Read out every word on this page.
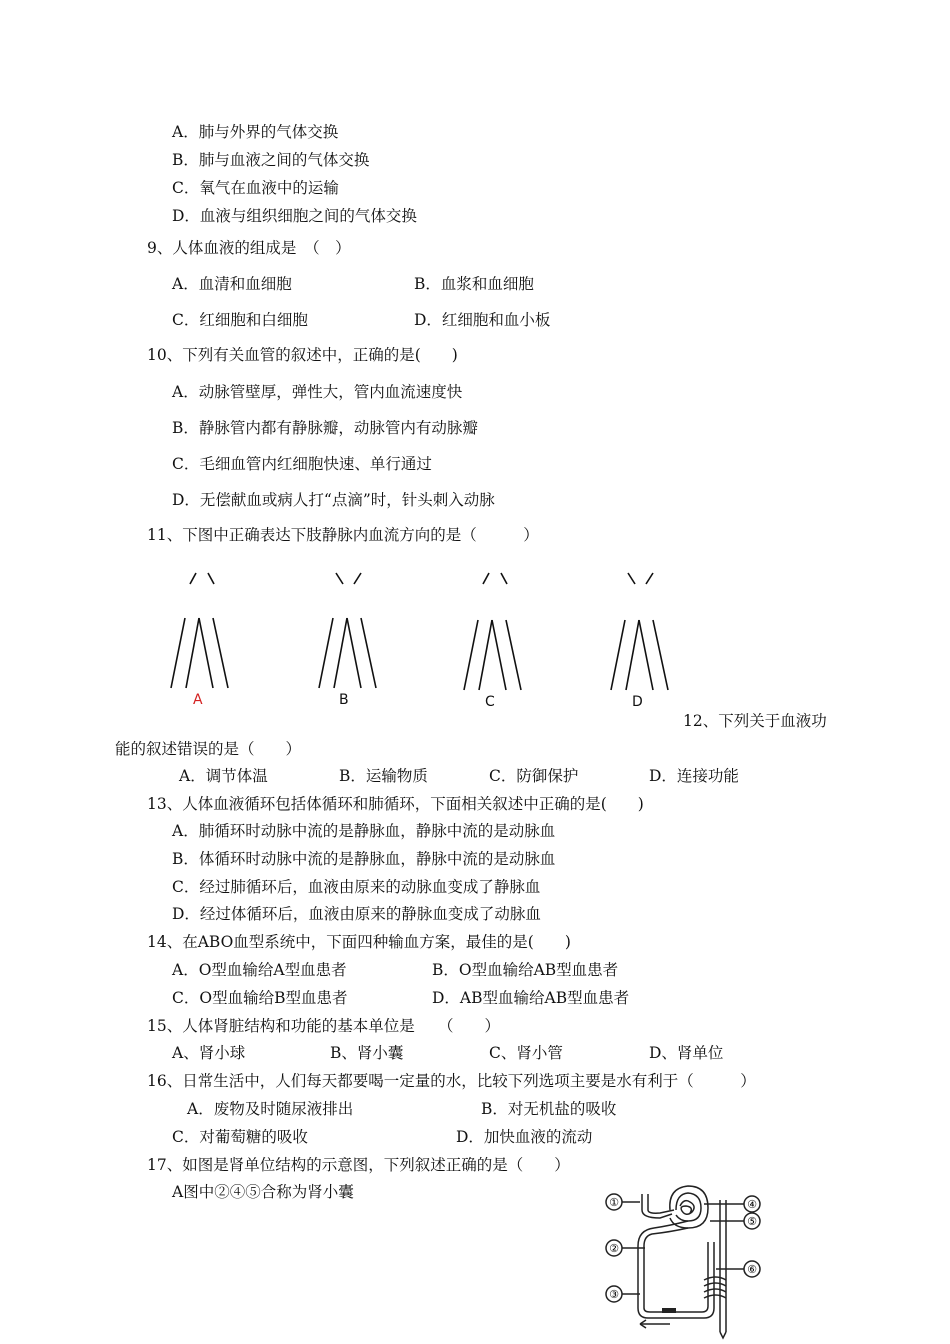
A．肺与外界的气体交换
B．肺与血液之间的气体交换
C．氧气在血液中的运输
D．血液与组织细胞之间的气体交换
9、人体血液的组成是　（　）
A．血清和血细胞	B．血浆和血细胞
C．红细胞和白细胞	D．红细胞和血小板
10、下列有关血管的叙述中，正确的是(　　)
A．动脉管壁厚，弹性大，管内血流速度快
B．静脉管内都有静脉瓣，动脉管内有动脉瓣
C．毛细血管内红细胞快速、单行通过
D．无偿献血或病人打“点滴”时，针头刺入动脉
11、下图中正确表达下肢静脉内血流方向的是（　　　）
A	B	C	D
12、下列关于血液功
能的叙述错误的是（　　）
A．调节体温	B．运输物质	C．防御保护	D．连接功能
13、人体血液循环包括体循环和肺循环，下面相关叙述中正确的是(　　)
A．肺循环时动脉中流的是静脉血，静脉中流的是动脉血
B．体循环时动脉中流的是静脉血，静脉中流的是动脉血
C．经过肺循环后，血液由原来的动脉血变成了静脉血
D．经过体循环后，血液由原来的静脉血变成了动脉血
14、在ABO血型系统中，下面四种输血方案，最佳的是(　　)
A．O型血输给A型血患者	B．O型血输给AB型血患者
C．O型血输给B型血患者	D．AB型血输给AB型血患者
15、人体肾脏结构和功能的基本单位是　　（　　）
A、肾小球	B、肾小囊	C、肾小管	D、肾单位
16、日常生活中，人们每天都要喝一定量的水，比较下列选项主要是水有利于（　　　）
A．废物及时随尿液排出	B．对无机盐的吸收
C．对葡萄糖的吸收	D．加快血液的流动
17、如图是肾单位结构的示意图，下列叙述正确的是（　　）
A图中②④⑤合称为肾小囊
①
②
③
④
⑤
⑥
